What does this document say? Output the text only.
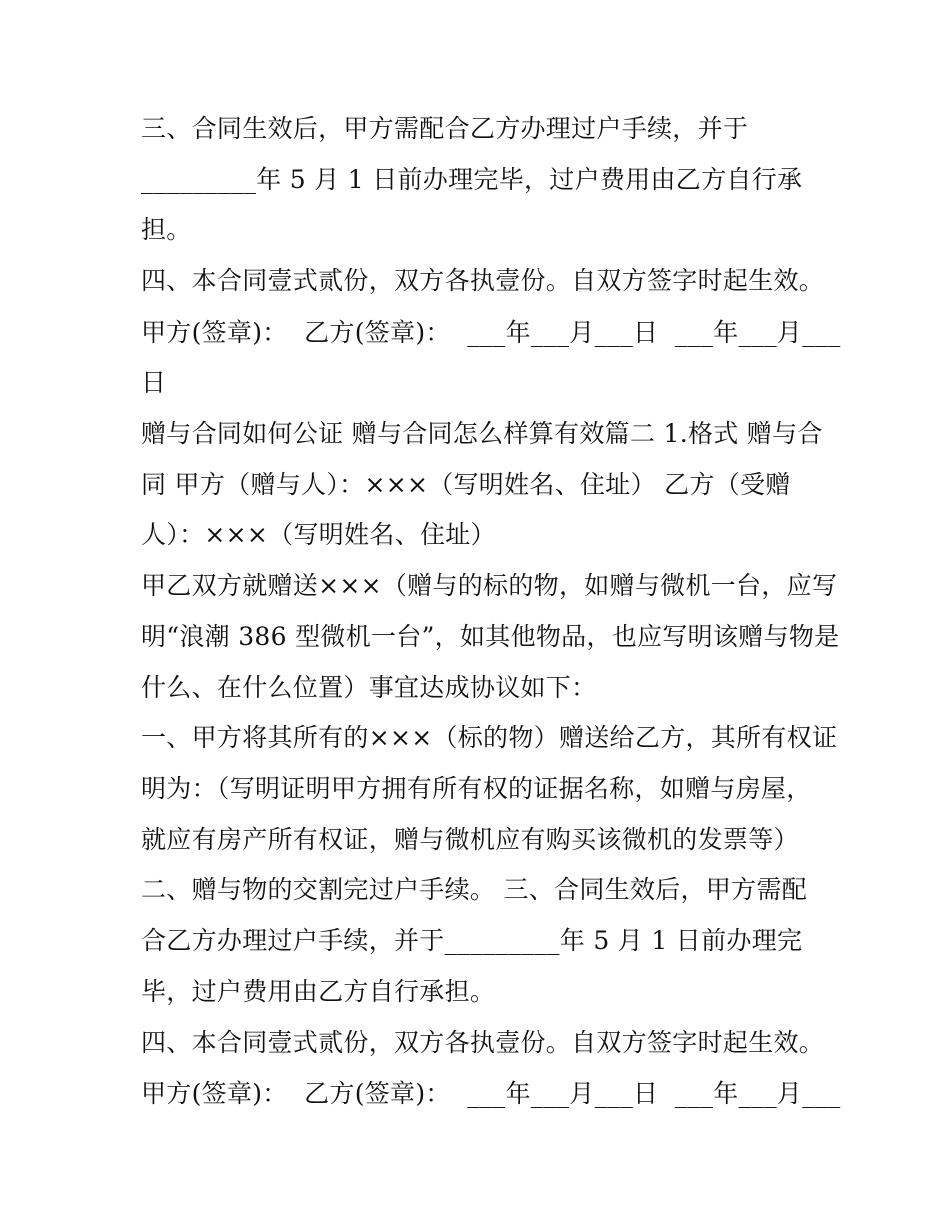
三、合同生效后，甲方需配合乙方办理过户手续，并于
_________年 5 月 1 日前办理完毕，过户费用由乙方自行承
担。
四、本合同壹式贰份，双方各执壹份。自双方签字时起生效。
甲方(签章)：  乙方(签章)：  ___年___月___日  ___年___月___
日
赠与合同如何公证 赠与合同怎么样算有效篇二 1.格式 赠与合
同 甲方（赠与人）：×××（写明姓名、住址） 乙方（受赠
人）：×××（写明姓名、住址）
甲乙双方就赠送×××（赠与的标的物，如赠与微机一台，应写
明“浪潮 386 型微机一台”，如其他物品，也应写明该赠与物是
什么、在什么位置）事宜达成协议如下：
一、甲方将其所有的×××（标的物）赠送给乙方，其所有权证
明为：（写明证明甲方拥有所有权的证据名称，如赠与房屋，
就应有房产所有权证，赠与微机应有购买该微机的发票等）
二、赠与物的交割完过户手续。 三、合同生效后，甲方需配
合乙方办理过户手续，并于_________年 5 月 1 日前办理完
毕，过户费用由乙方自行承担。
四、本合同壹式贰份，双方各执壹份。自双方签字时起生效。
甲方(签章)：  乙方(签章)：  ___年___月___日  ___年___月___
